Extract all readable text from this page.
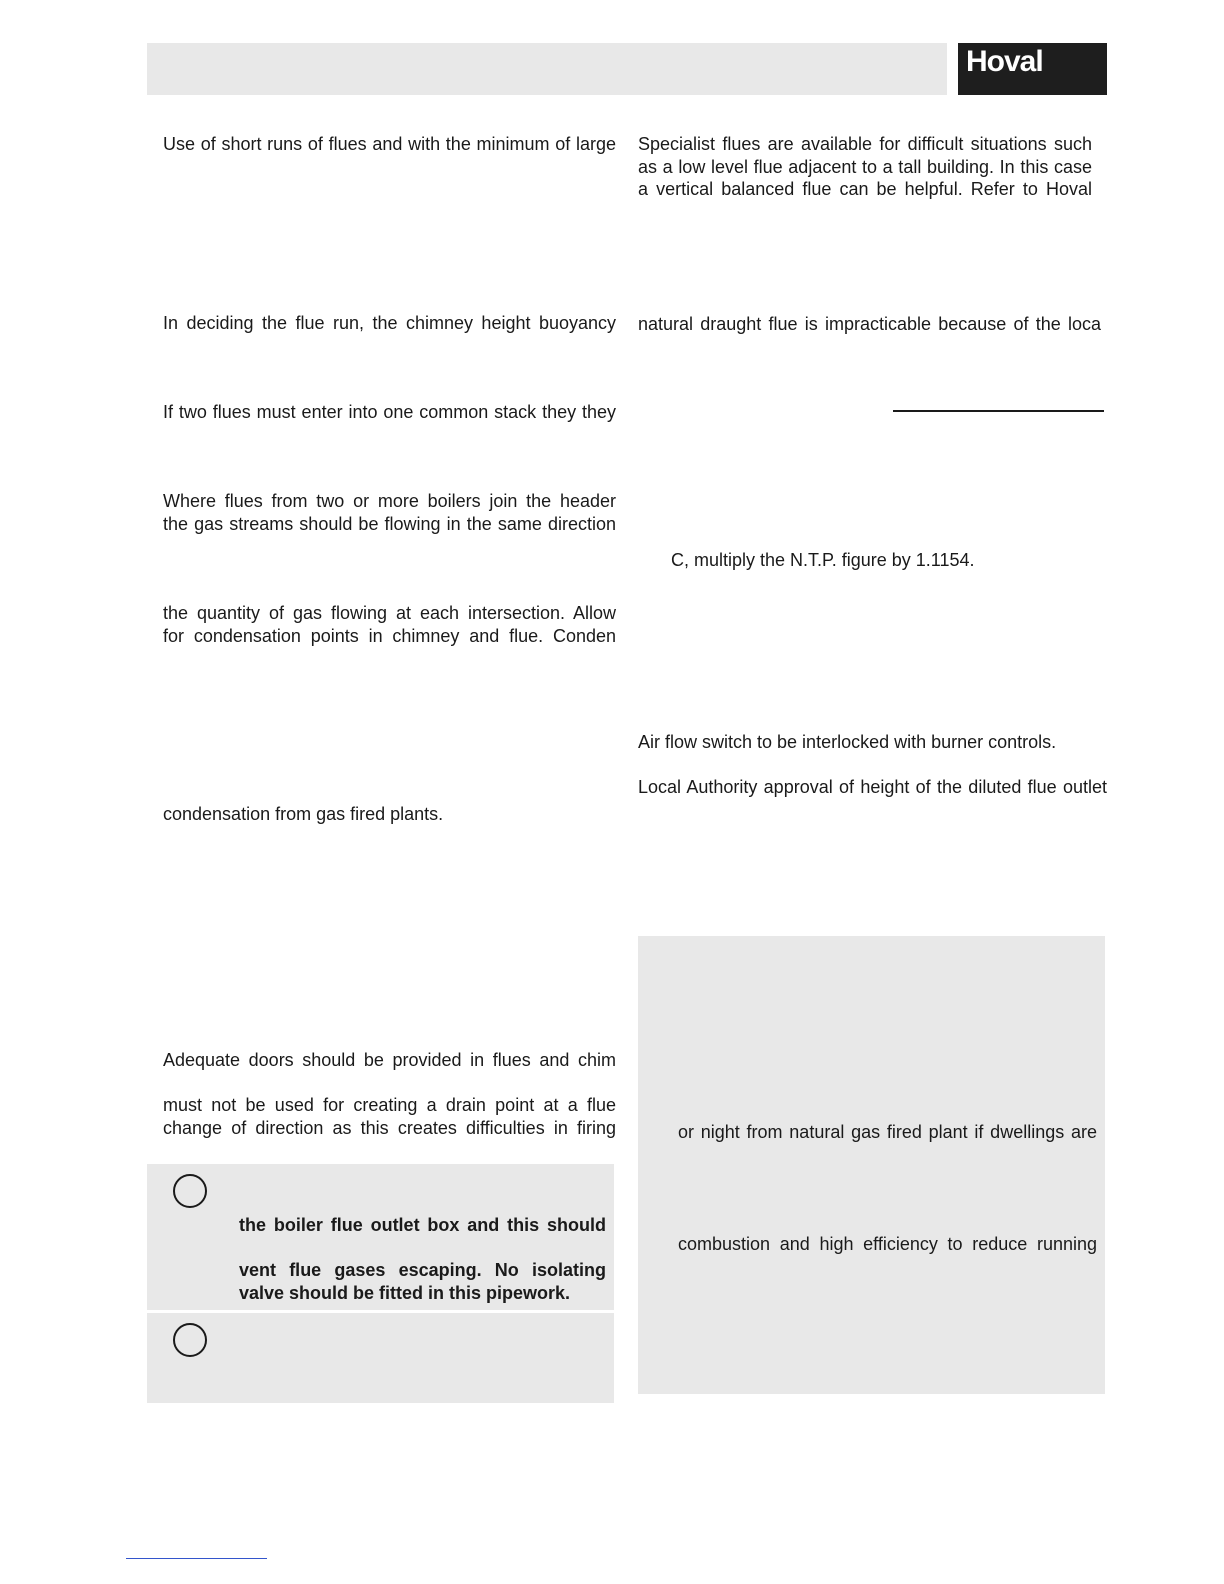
Hoval

Use of short runs of flues and with the minimum of large

In deciding the flue run, the chimney height buoyancy

If two flues must enter into one common stack they they

Where flues from two or more boilers join the header
the gas streams should be flowing in the same direction

the quantity of gas flowing at each intersection. Allow
for condensation points in chimney and flue. Conden

condensation from gas fired plants.

Adequate doors should be provided in flues and chim

must not be used for creating a drain point at a flue
change of direction as this creates difficulties in firing

the boiler flue outlet box and this should

vent flue gases escaping. No isolating
valve should be fitted in this pipework.

Specialist flues are available for difficult situations such
as a low level flue adjacent to a tall building. In this case
a vertical balanced flue can be helpful. Refer to Hoval

natural draught flue is impracticable because of the loca

C, multiply the N.T.P. figure by 1.1154.

Air flow switch to be interlocked with burner controls.

Local Authority approval of height of the diluted flue outlet

or night from natural gas fired plant if dwellings are

combustion and high efficiency to reduce running
